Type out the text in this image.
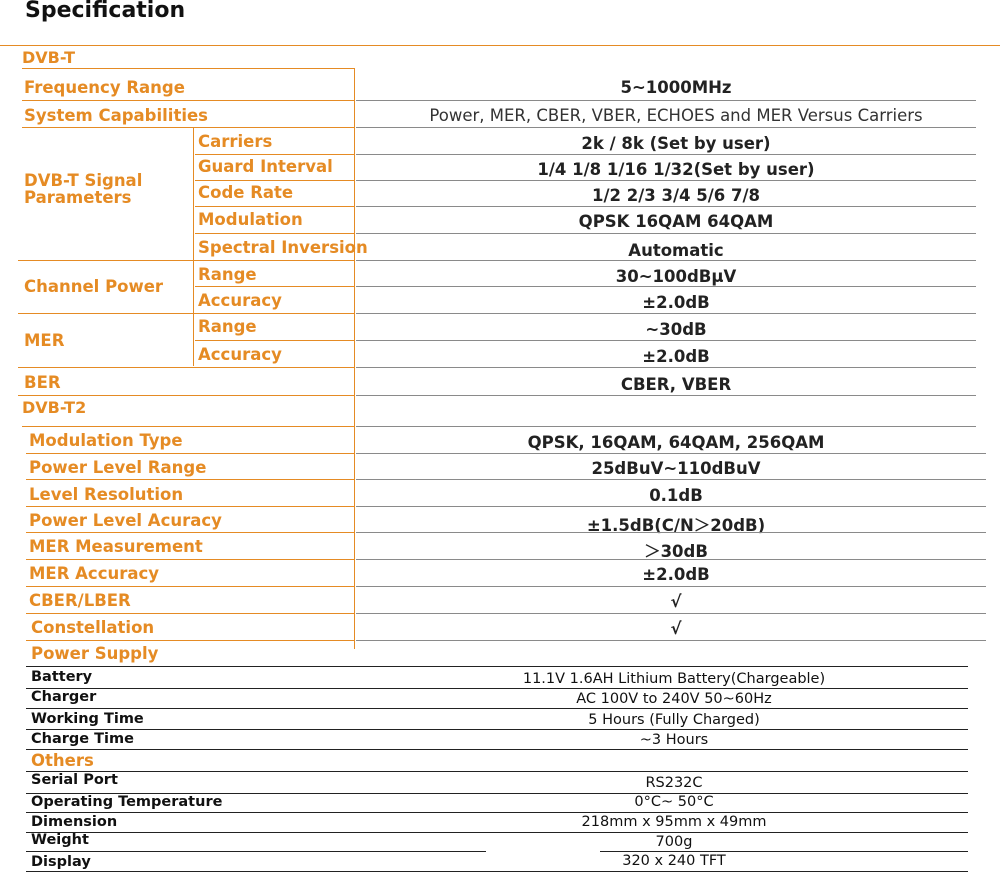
Specification
DVB-T
Frequency Range	5~1000MHz
System Capabilities	Power, MER, CBER, VBER, ECHOES and MER Versus Carriers
DVB-T Signal
Parameters
Carriers	2k / 8k (Set by user)
Guard Interval	1/4 1/8 1/16 1/32(Set by user)
Code Rate	1/2 2/3 3/4 5/6 7/8
Modulation	QPSK 16QAM 64QAM
Spectral Inversion	Automatic
Channel Power
Range	30~100dBμV
Accuracy	±2.0dB
MER
Range	~30dB
Accuracy	±2.0dB
BER	CBER, VBER
DVB-T2
Modulation Type	QPSK, 16QAM, 64QAM, 256QAM
Power Level Range	25dBuV~110dBuV
Level Resolution	0.1dB
Power Level Acuracy	±1.5dB(C/N＞20dB)
MER Measurement	＞30dB
MER Accuracy	±2.0dB
CBER/LBER	√
Constellation	√
Power Supply
Battery	11.1V 1.6AH Lithium Battery(Chargeable)
Charger	AC 100V to 240V 50~60Hz
Working Time	5 Hours (Fully Charged)
Charge Time	~3 Hours
Others
Serial Port	RS232C
Operating Temperature	0°C~ 50°C
Dimension	218mm x 95mm x 49mm
Weight	700g
Display	320 x 240 TFT
